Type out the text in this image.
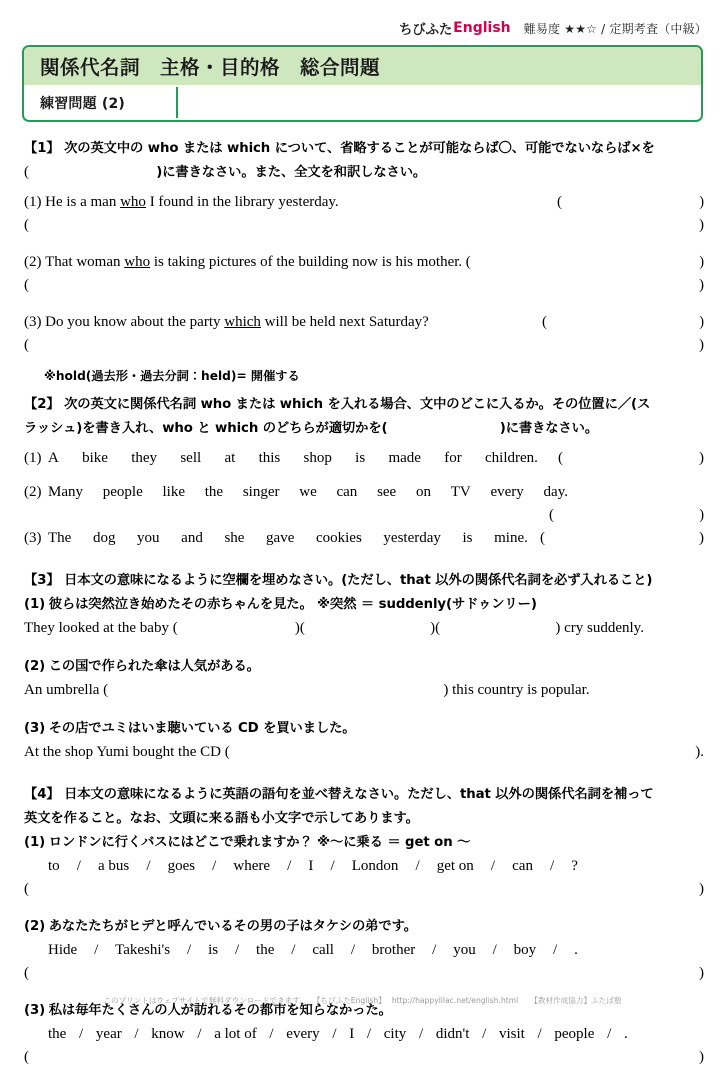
ちびふた English 難易度 ★★☆ / 定期考査（中級）
関係代名詞　主格・目的格　総合問題
練習問題 (2)
【1】 次の英文中の who または which について、省略することが可能ならば〇、可能でないならば×を
(	)に書きなさい。また、全文を和訳しなさい。
(1) He is a man who I found in the library yesterday.	(	)
(	)
(2) That woman who is taking pictures of the building now is his mother. (	)
(	)
(3) Do you know about the party which will be held next Saturday?	(	)
(	)
※hold(過去形・過去分詞：held)= 開催する
【2】 次の英文に関係代名詞 who または which を入れる場合、文中のどこに入るか。その位置に／(ス
ラッシュ)を書き入れ、who と which のどちらが適切かを(	)に書きなさい。
(1) A bike they sell at this shop is made for children. (	)
(2) Many people like the singer we can see on TV every day.
(	)
(3) The dog you and she gave cookies yesterday is mine. (	)
【3】 日本文の意味になるように空欄を埋めなさい。(ただし、that 以外の関係代名詞を必ず入れること)
(1) 彼らは突然泣き始めたその赤ちゃんを見た。 ※突然 ＝ suddenly(サドゥンリー)
They looked at the baby (	)(	)(	) cry suddenly.
(2) この国で作られた傘は人気がある。
An umbrella (	) this country is popular.
(3) その店でユミはいま聴いている CD を買いました。
At the shop Yumi bought the CD (	).
【4】 日本文の意味になるように英語の語句を並べ替えなさい。ただし、that 以外の関係代名詞を補って
英文を作ること。なお、文頭に来る語も小文字で示してあります。
(1) ロンドンに行くバスにはどこで乗れますか？ ※～に乗る ＝ get on ～
to / a bus / goes / where / I / London / get on / can / ?
(	)
(2) あなたたちがヒデと呼んでいるその男の子はタケシの弟です。
Hide / Takeshi's / is / the / call / brother / you / boy / .
(	)
(3) 私は毎年たくさんの人が訪れるその都市を知らなかった。
the / year / know / a lot of / every / I / city / didn't / visit / people / .
(	)
このプリントはウェブサイトで無料ダウンロードできます。 【ちびふたEnglish】 http://happylilac.net/english.html 【教材作成協力】ふたば塾
